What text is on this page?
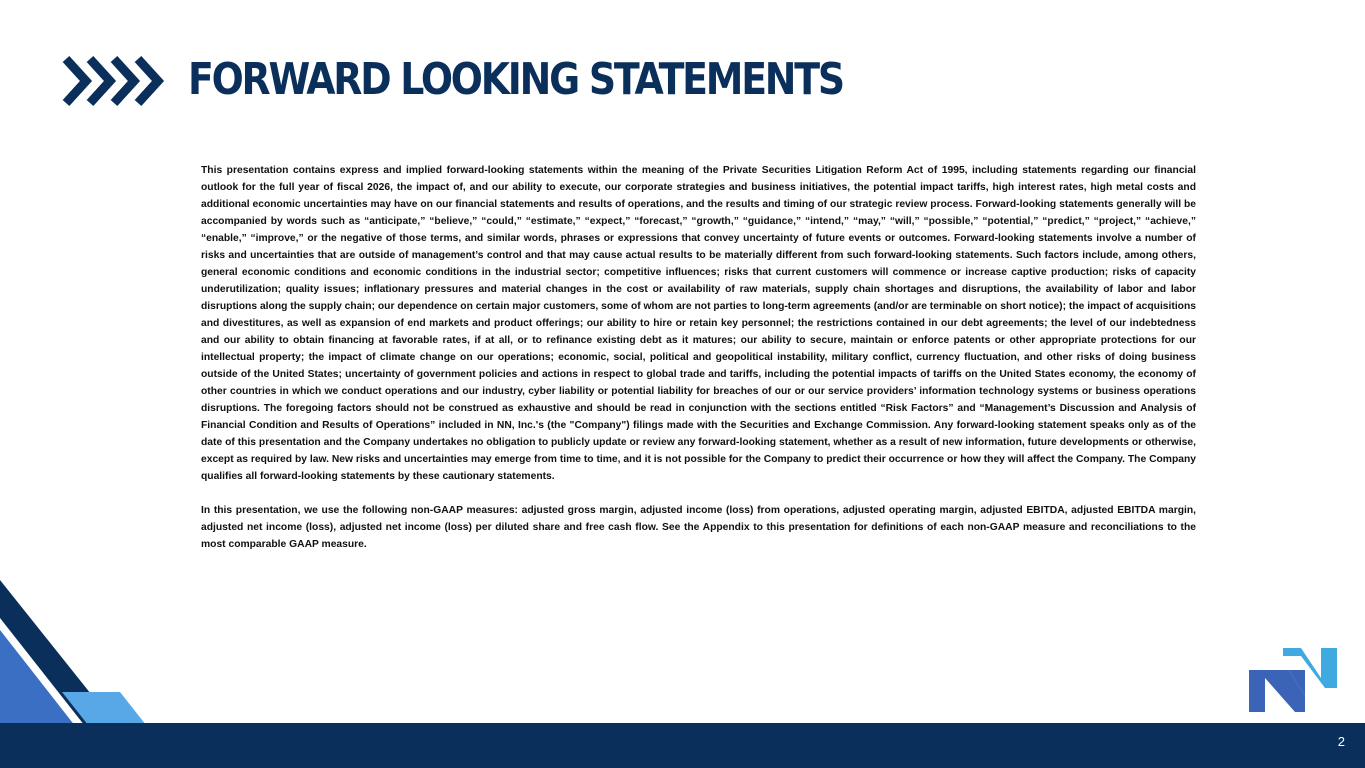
FORWARD LOOKING STATEMENTS

This presentation contains express and implied forward-looking statements within the meaning of the Private Securities Litigation Reform Act of 1995, including statements regarding our financial outlook for the full year of fiscal 2026, the impact of, and our ability to execute, our corporate strategies and business initiatives, the potential impact tariffs, high interest rates, high metal costs and additional economic uncertainties may have on our financial statements and results of operations, and the results and timing of our strategic review process. Forward-looking statements generally will be accompanied by words such as “anticipate,” “believe,” “could,” “estimate,” “expect,” “forecast,” “growth,” “guidance,” “intend,” “may,” “will,” “possible,” “potential,” “predict,” “project,” “achieve,” “enable,” “improve,” or the negative of those terms, and similar words, phrases or expressions that convey uncertainty of future events or outcomes. Forward-looking statements involve a number of risks and uncertainties that are outside of management’s control and that may cause actual results to be materially different from such forward-looking statements. Such factors include, among others, general economic conditions and economic conditions in the industrial sector; competitive influences; risks that current customers will commence or increase captive production; risks of capacity underutilization; quality issues; inflationary pressures and material changes in the cost or availability of raw materials, supply chain shortages and disruptions, the availability of labor and labor disruptions along the supply chain; our dependence on certain major customers, some of whom are not parties to long-term agreements (and/or are terminable on short notice); the impact of acquisitions and divestitures, as well as expansion of end markets and product offerings; our ability to hire or retain key personnel; the restrictions contained in our debt agreements; the level of our indebtedness and our ability to obtain financing at favorable rates, if at all, or to refinance existing debt as it matures; our ability to secure, maintain or enforce patents or other appropriate protections for our intellectual property; the impact of climate change on our operations; economic, social, political and geopolitical instability, military conflict, currency fluctuation, and other risks of doing business outside of the United States; uncertainty of government policies and actions in respect to global trade and tariffs, including the potential impacts of tariffs on the United States economy, the economy of other countries in which we conduct operations and our industry, cyber liability or potential liability for breaches of our or our service providers’ information technology systems or business operations disruptions. The foregoing factors should not be construed as exhaustive and should be read in conjunction with the sections entitled “Risk Factors” and “Management’s Discussion and Analysis of Financial Condition and Results of Operations” included in NN, Inc.'s (the "Company") filings made with the Securities and Exchange Commission. Any forward-looking statement speaks only as of the date of this presentation and the Company undertakes no obligation to publicly update or review any forward-looking statement, whether as a result of new information, future developments or otherwise, except as required by law. New risks and uncertainties may emerge from time to time, and it is not possible for the Company to predict their occurrence or how they will affect the Company. The Company qualifies all forward-looking statements by these cautionary statements.

In this presentation, we use the following non-GAAP measures: adjusted gross margin, adjusted income (loss) from operations, adjusted operating margin, adjusted EBITDA, adjusted EBITDA margin, adjusted net income (loss), adjusted net income (loss) per diluted share and free cash flow. See the Appendix to this presentation for definitions of each non-GAAP measure and reconciliations to the most comparable GAAP measure.

2
